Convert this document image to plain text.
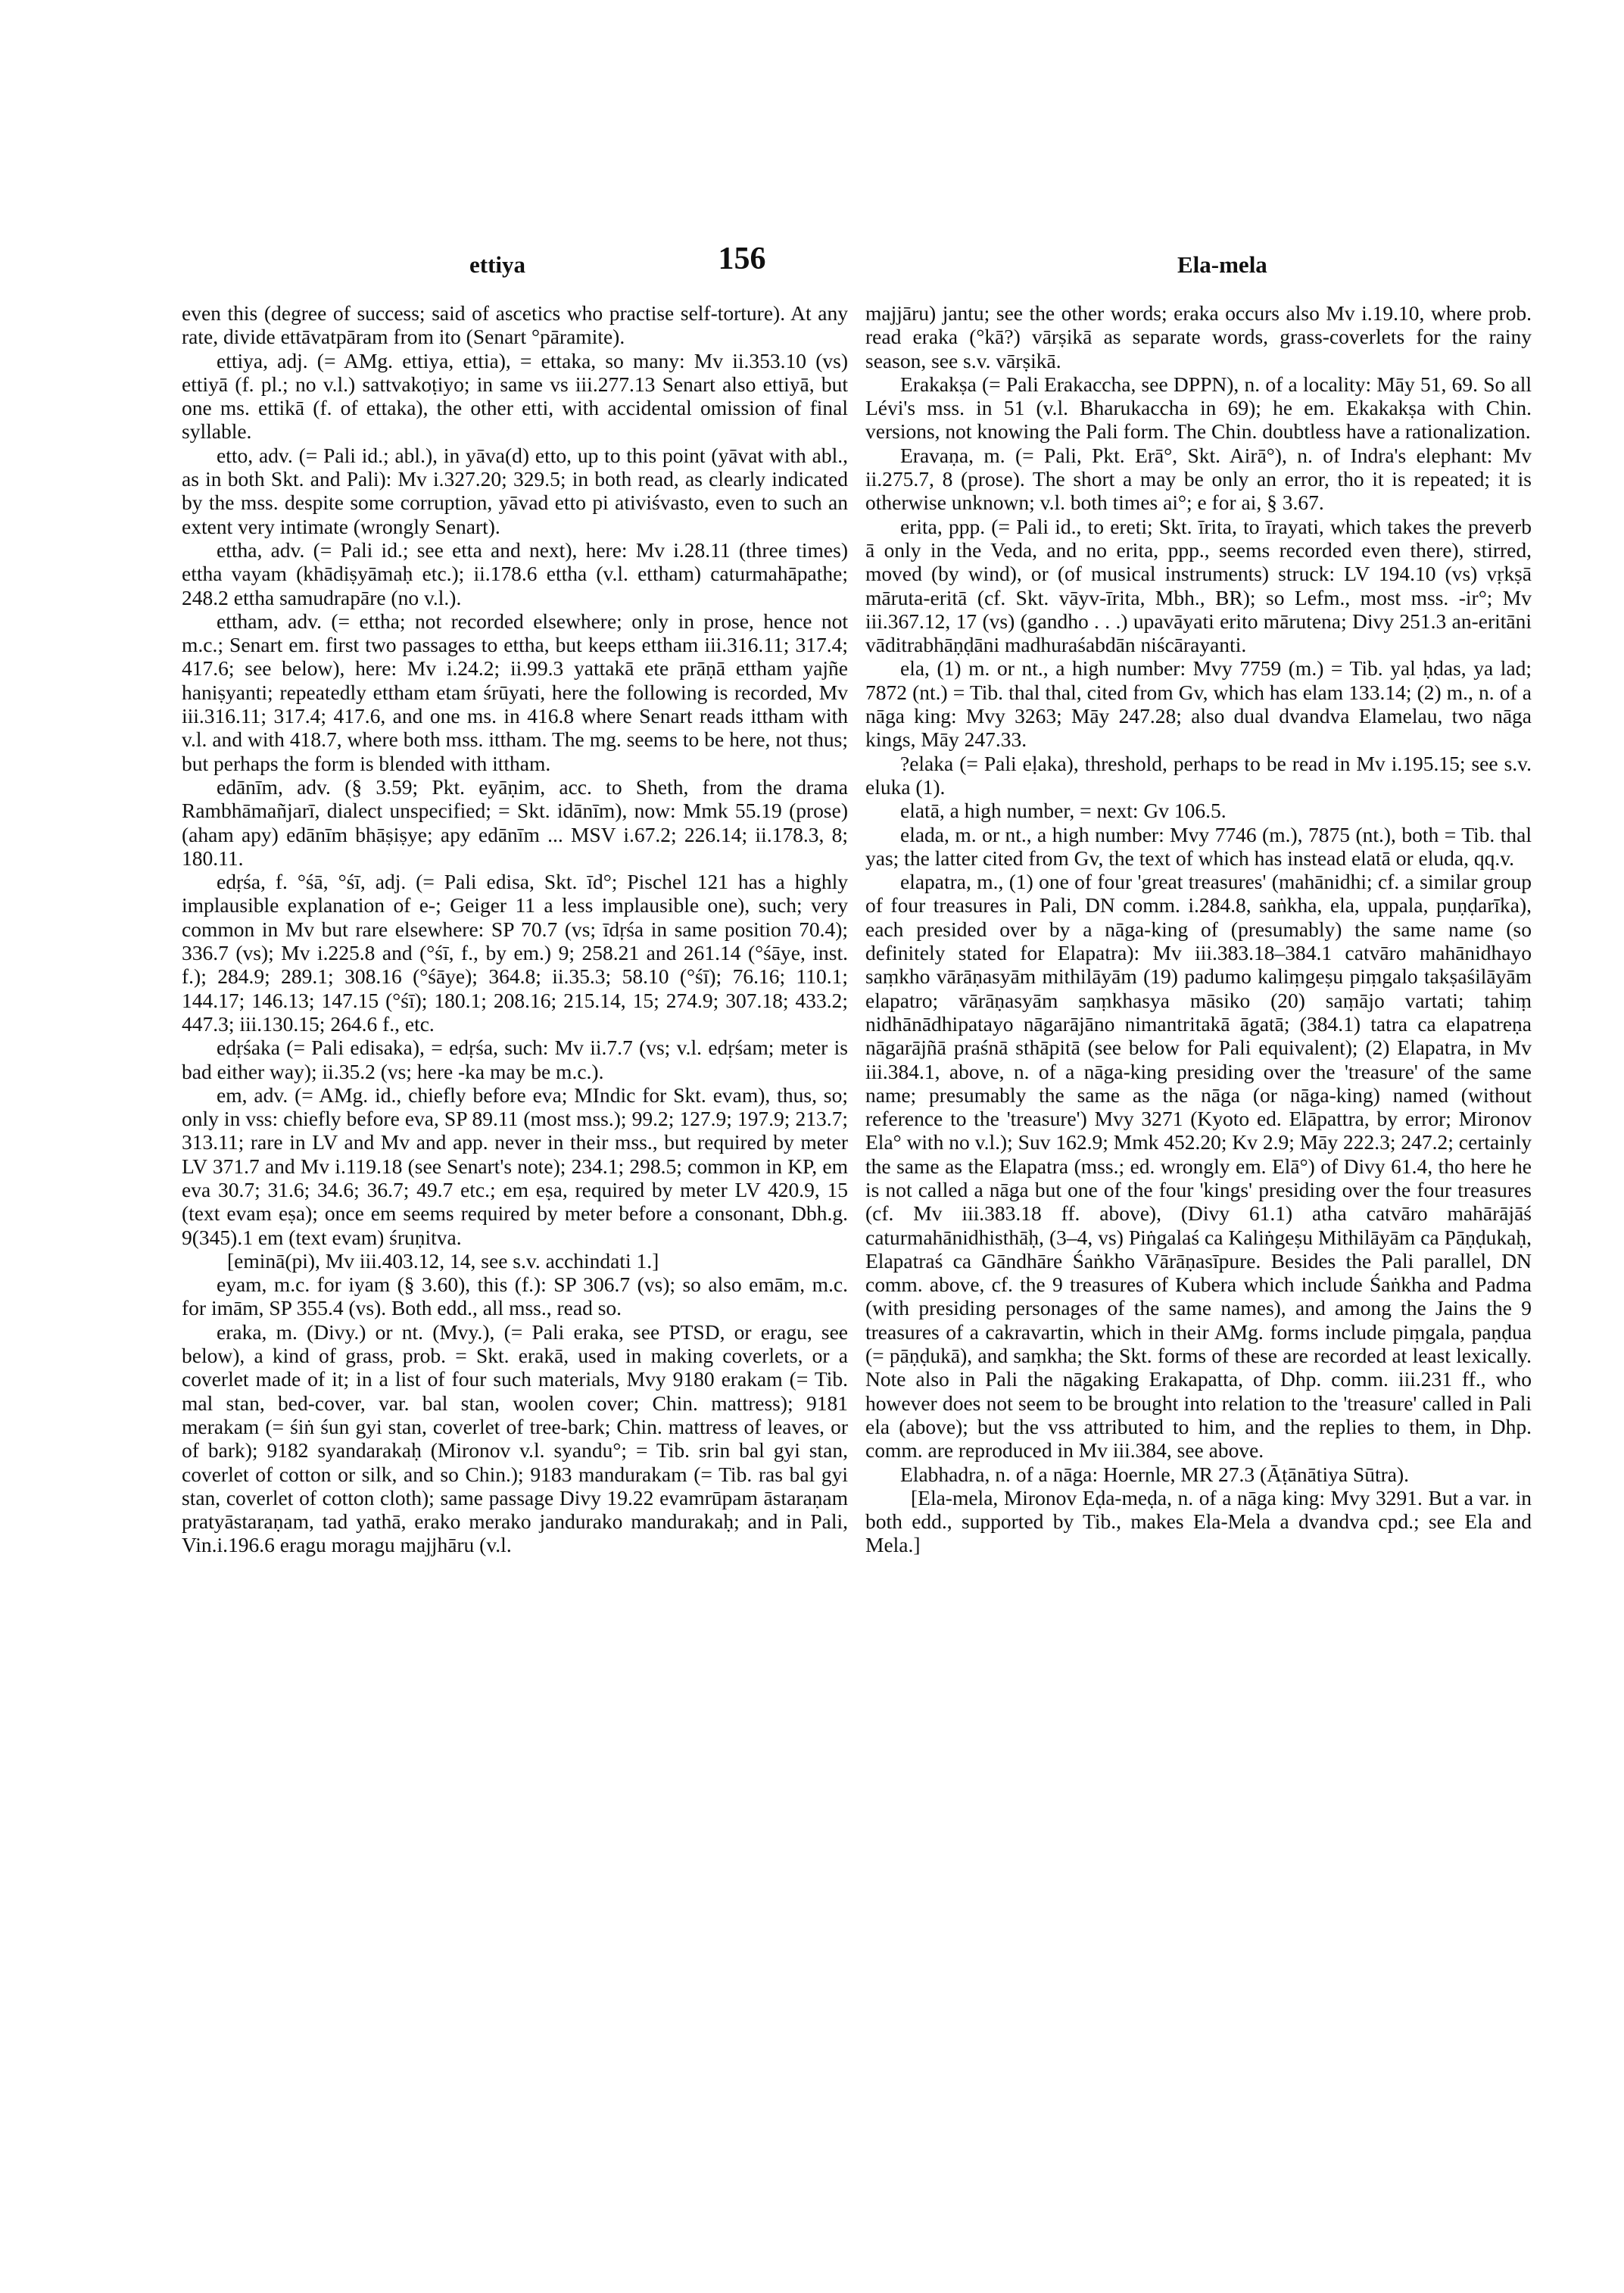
ettiya	156	Ela-mela

even this (degree of success; said of ascetics who practise self-torture). At any rate, divide ettāvatpāram from ito (Senart °pāramite).

ettiya, adj. (= AMg. ettiya, ettia), = ettaka, so many: Mv ii.353.10 (vs) ettiyā (f. pl.; no v.l.) sattvakoṭiyo; in same vs iii.277.13 Senart also ettiyā, but one ms. ettikā (f. of ettaka), the other etti, with accidental omission of final syllable.

etto, adv. (= Pali id.; abl.), in yāva(d) etto, up to this point (yāvat with abl., as in both Skt. and Pali): Mv i.327.20; 329.5; in both read, as clearly indicated by the mss. despite some corruption, yāvad etto pi ativiśvasto, even to such an extent very intimate (wrongly Senart).

ettha, adv. (= Pali id.; see etta and next), here: Mv i.28.11 (three times) ettha vayam (khādiṣyāmaḥ etc.); ii.178.6 ettha (v.l. ettham) caturmahāpathe; 248.2 ettha samudrapāre (no v.l.).

ettham, adv. (= ettha; not recorded elsewhere; only in prose, hence not m.c.; Senart em. first two passages to ettha, but keeps ettham iii.316.11; 317.4; 417.6; see below), here: Mv i.24.2; ii.99.3 yattakā ete prāṇā ettham yajñe haniṣyanti; repeatedly ettham etam śrūyati, here the following is recorded, Mv iii.316.11; 317.4; 417.6, and one ms. in 416.8 where Senart reads ittham with v.l. and with 418.7, where both mss. ittham. The mg. seems to be here, not thus; but perhaps the form is blended with ittham.

edānīm, adv. (§ 3.59; Pkt. eyāṇim, acc. to Sheth, from the drama Rambhāmañjarī, dialect unspecified; = Skt. idānīm), now: Mmk 55.19 (prose) (aham apy) edānīm bhāṣiṣye; apy edānīm ... MSV i.67.2; 226.14; ii.178.3, 8; 180.11.

edṛśa, f. °śā, °śī, adj. (= Pali edisa, Skt. īd°; Pischel 121 has a highly implausible explanation of e-; Geiger 11 a less implausible one), such; very common in Mv but rare elsewhere: SP 70.7 (vs; īdṛśa in same position 70.4); 336.7 (vs); Mv i.225.8 and (°śī, f., by em.) 9; 258.21 and 261.14 (°śāye, inst. f.); 284.9; 289.1; 308.16 (°śāye); 364.8; ii.35.3; 58.10 (°śī); 76.16; 110.1; 144.17; 146.13; 147.15 (°śī); 180.1; 208.16; 215.14, 15; 274.9; 307.18; 433.2; 447.3; iii.130.15; 264.6 f., etc.

edṛśaka (= Pali edisaka), = edṛśa, such: Mv ii.7.7 (vs; v.l. edṛśam; meter is bad either way); ii.35.2 (vs; here -ka may be m.c.).

em, adv. (= AMg. id., chiefly before eva; MIndic for Skt. evam), thus, so; only in vss: chiefly before eva, SP 89.11 (most mss.); 99.2; 127.9; 197.9; 213.7; 313.11; rare in LV and Mv and app. never in their mss., but required by meter LV 371.7 and Mv i.119.18 (see Senart's note); 234.1; 298.5; common in KP, em eva 30.7; 31.6; 34.6; 36.7; 49.7 etc.; em eṣa, required by meter LV 420.9, 15 (text evam eṣa); once em seems required by meter before a consonant, Dbh.g. 9(345).1 em (text evam) śruṇitva.

[eminā(pi), Mv iii.403.12, 14, see s.v. acchindati 1.]

eyam, m.c. for iyam (§ 3.60), this (f.): SP 306.7 (vs); so also emām, m.c. for imām, SP 355.4 (vs). Both edd., all mss., read so.

eraka, m. (Divy.) or nt. (Mvy.), (= Pali eraka, see PTSD, or eragu, see below), a kind of grass, prob. = Skt. erakā, used in making coverlets, or a coverlet made of it; in a list of four such materials, Mvy 9180 erakam (= Tib. mal stan, bed-cover, var. bal stan, woolen cover; Chin. mattress); 9181 merakam (= śiṅ śun gyi stan, coverlet of tree-bark; Chin. mattress of leaves, or of bark); 9182 syandarakaḥ (Mironov v.l. syandu°; = Tib. srin bal gyi stan, coverlet of cotton or silk, and so Chin.); 9183 mandurakam (= Tib. ras bal gyi stan, coverlet of cotton cloth); same passage Divy 19.22 evamrūpam āstaraṇam pratyāstaraṇam, tad yathā, erako merako jandurako mandurakaḥ; and in Pali, Vin.i.196.6 eragu moragu majjhāru (v.l.

majjāru) jantu; see the other words; eraka occurs also Mv i.19.10, where prob. read eraka (°kā?) vārṣikā as separate words, grass-coverlets for the rainy season, see s.v. vārṣikā.

Erakakṣa (= Pali Erakaccha, see DPPN), n. of a locality: Māy 51, 69. So all Lévi's mss. in 51 (v.l. Bharukaccha in 69); he em. Ekakakṣa with Chin. versions, not knowing the Pali form. The Chin. doubtless have a rationalization.

Eravaṇa, m. (= Pali, Pkt. Erā°, Skt. Airā°), n. of Indra's elephant: Mv ii.275.7, 8 (prose). The short a may be only an error, tho it is repeated; it is otherwise unknown; v.l. both times ai°; e for ai, § 3.67.

erita, ppp. (= Pali id., to ereti; Skt. īrita, to īrayati, which takes the preverb ā only in the Veda, and no erita, ppp., seems recorded even there), stirred, moved (by wind), or (of musical instruments) struck: LV 194.10 (vs) vṛkṣā māruta-eritā (cf. Skt. vāyv-īrita, Mbh., BR); so Lefm., most mss. -ir°; Mv iii.367.12, 17 (vs) (gandho . . .) upavāyati erito mārutena; Divy 251.3 an-eritāni vāditrabhāṇḍāni madhuraśabdān niścārayanti.

ela, (1) m. or nt., a high number: Mvy 7759 (m.) = Tib. yal ḥdas, ya lad; 7872 (nt.) = Tib. thal thal, cited from Gv, which has elam 133.14; (2) m., n. of a nāga king: Mvy 3263; Māy 247.28; also dual dvandva Elamelau, two nāga kings, Māy 247.33.

?elaka (= Pali eḷaka), threshold, perhaps to be read in Mv i.195.15; see s.v. eluka (1).

elatā, a high number, = next: Gv 106.5.

elada, m. or nt., a high number: Mvy 7746 (m.), 7875 (nt.), both = Tib. thal yas; the latter cited from Gv, the text of which has instead elatā or eluda, qq.v.

elapatra, m., (1) one of four 'great treasures' (mahānidhi; cf. a similar group of four treasures in Pali, DN comm. i.284.8, saṅkha, ela, uppala, puṇḍarīka), each presided over by a nāga-king of (presumably) the same name (so definitely stated for Elapatra): Mv iii.383.18–384.1 catvāro mahānidhayo saṃkho vārāṇasyām mithilāyām (19) padumo kaliṃgeṣu piṃgalo takṣaśilāyām elapatro; vārāṇasyām saṃkhasya māsiko (20) saṃājo vartati; tahiṃ nidhānādhipatayo nāgarājāno nimantritakā āgatā; (384.1) tatra ca elapatreṇa nāgarājñā praśnā sthāpitā (see below for Pali equivalent); (2) Elapatra, in Mv iii.384.1, above, n. of a nāga-king presiding over the 'treasure' of the same name; presumably the same as the nāga (or nāga-king) named (without reference to the 'treasure') Mvy 3271 (Kyoto ed. Elāpattra, by error; Mironov Ela° with no v.l.); Suv 162.9; Mmk 452.20; Kv 2.9; Māy 222.3; 247.2; certainly the same as the Elapatra (mss.; ed. wrongly em. Elā°) of Divy 61.4, tho here he is not called a nāga but one of the four 'kings' presiding over the four treasures (cf. Mv iii.383.18 ff. above), (Divy 61.1) atha catvāro mahārājāś caturmahānidhisthāḥ, (3–4, vs) Piṅgalaś ca Kaliṅgeṣu Mithilāyām ca Pāṇḍukaḥ, Elapatraś ca Gāndhāre Śaṅkho Vārāṇasīpure. Besides the Pali parallel, DN comm. above, cf. the 9 treasures of Kubera which include Śaṅkha and Padma (with presiding personages of the same names), and among the Jains the 9 treasures of a cakravartin, which in their AMg. forms include piṃgala, paṇḍua (= pāṇḍukā), and saṃkha; the Skt. forms of these are recorded at least lexically. Note also in Pali the nāgaking Erakapatta, of Dhp. comm. iii.231 ff., who however does not seem to be brought into relation to the 'treasure' called in Pali ela (above); but the vss attributed to him, and the replies to them, in Dhp. comm. are reproduced in Mv iii.384, see above.

Elabhadra, n. of a nāga: Hoernle, MR 27.3 (Āṭānātiya Sūtra).

[Ela-mela, Mironov Eḍa-meḍa, n. of a nāga king: Mvy 3291. But a var. in both edd., supported by Tib., makes Ela-Mela a dvandva cpd.; see Ela and Mela.]
